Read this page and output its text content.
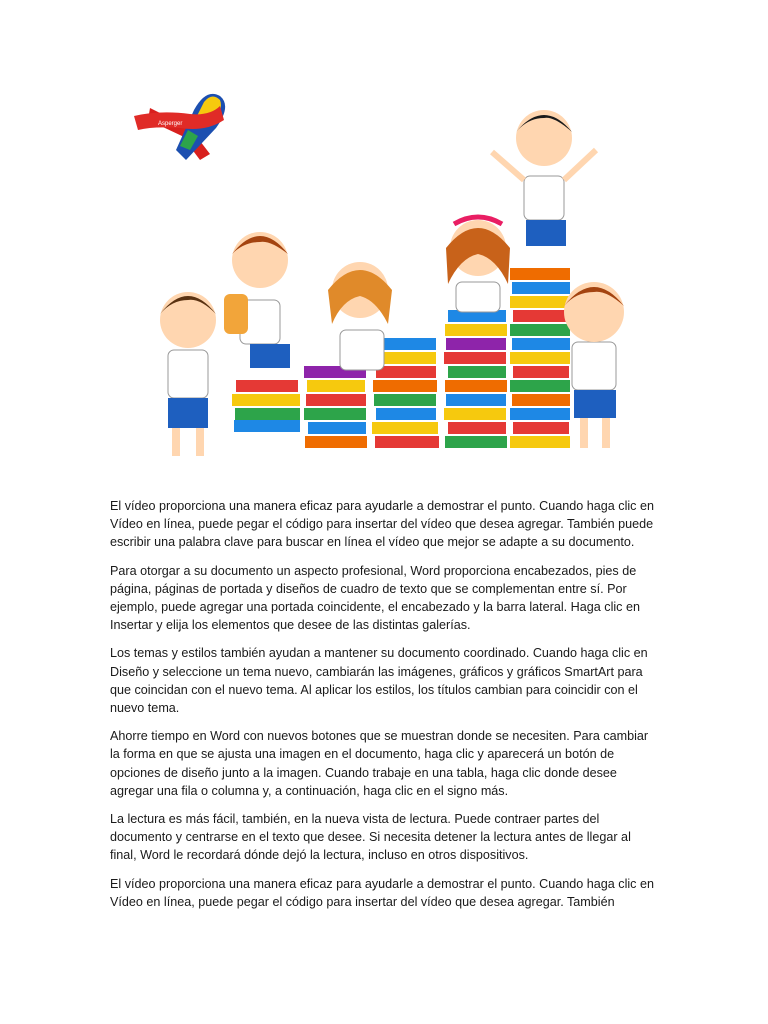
Asperger

El vídeo proporciona una manera eficaz para ayudarle a demostrar el punto. Cuando haga clic en Vídeo en línea, puede pegar el código para insertar del vídeo que desea agregar. También puede escribir una palabra clave para buscar en línea el vídeo que mejor se adapte a su documento.

Para otorgar a su documento un aspecto profesional, Word proporciona encabezados, pies de página, páginas de portada y diseños de cuadro de texto que se complementan entre sí. Por ejemplo, puede agregar una portada coincidente, el encabezado y la barra lateral. Haga clic en Insertar y elija los elementos que desee de las distintas galerías.

Los temas y estilos también ayudan a mantener su documento coordinado. Cuando haga clic en Diseño y seleccione un tema nuevo, cambiarán las imágenes, gráficos y gráficos SmartArt para que coincidan con el nuevo tema. Al aplicar los estilos, los títulos cambian para coincidir con el nuevo tema.

Ahorre tiempo en Word con nuevos botones que se muestran donde se necesiten. Para cambiar la forma en que se ajusta una imagen en el documento, haga clic y aparecerá un botón de opciones de diseño junto a la imagen. Cuando trabaje en una tabla, haga clic donde desee agregar una fila o columna y, a continuación, haga clic en el signo más.

La lectura es más fácil, también, en la nueva vista de lectura. Puede contraer partes del documento y centrarse en el texto que desee. Si necesita detener la lectura antes de llegar al final, Word le recordará dónde dejó la lectura, incluso en otros dispositivos.

El vídeo proporciona una manera eficaz para ayudarle a demostrar el punto. Cuando haga clic en Vídeo en línea, puede pegar el código para insertar del vídeo que desea agregar. También
